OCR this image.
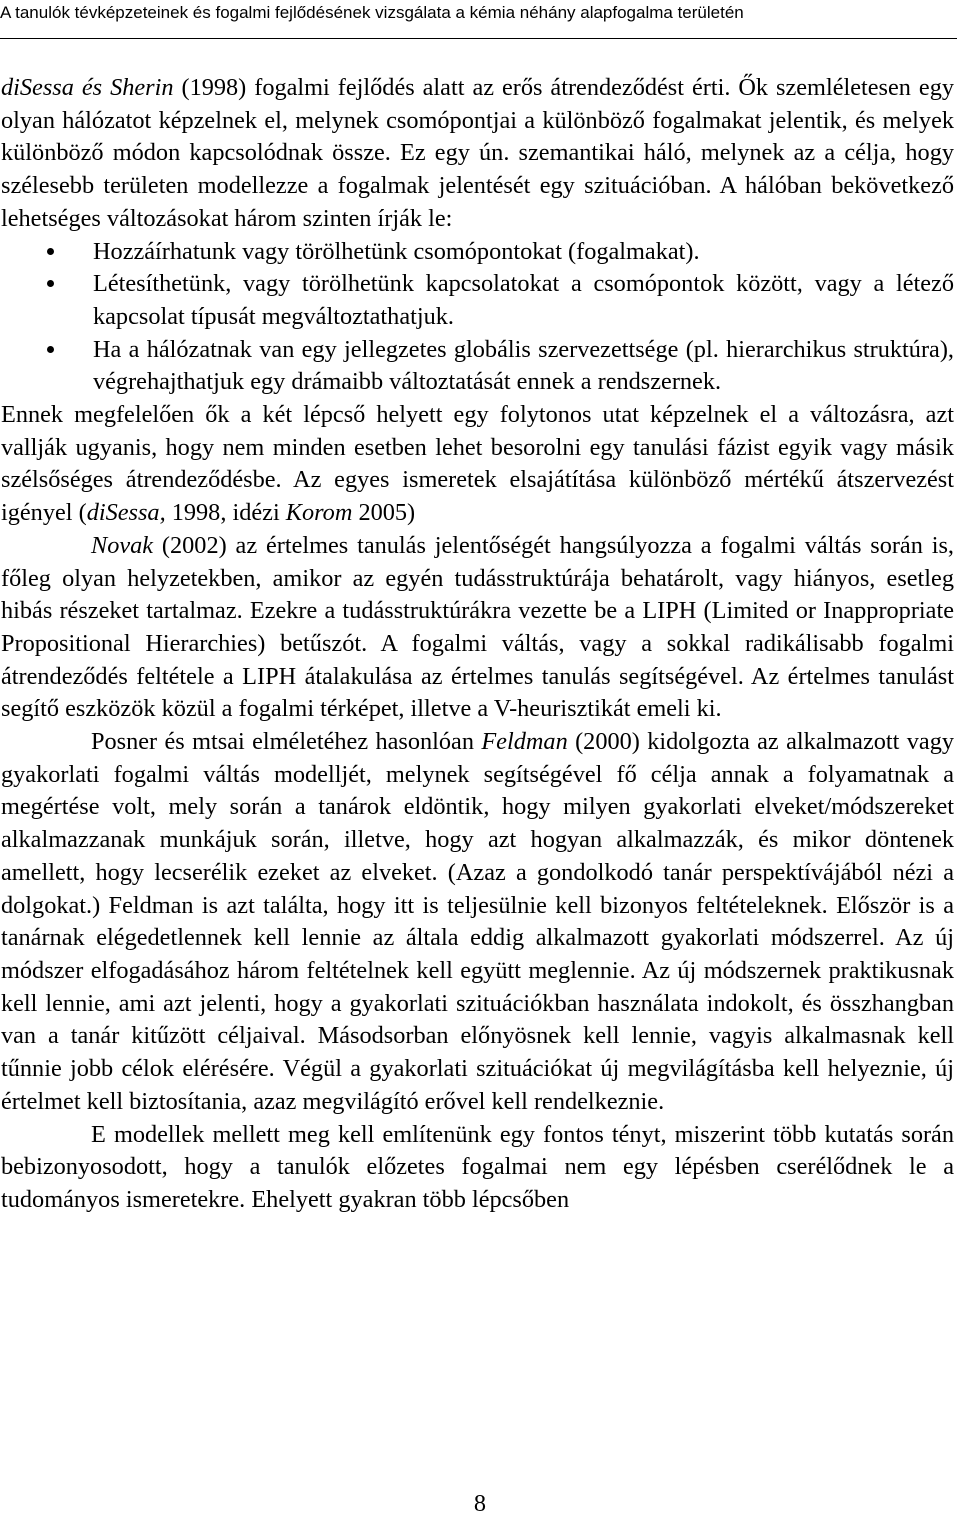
A tanulók tévképzeteinek és fogalmi fejlődésének vizsgálata a kémia néhány alapfogalma területén

diSessa és Sherin (1998) fogalmi fejlődés alatt az erős átrendeződést érti. Ők szemléletesen egy olyan hálózatot képzelnek el, melynek csomópontjai a különböző fogalmakat jelentik, és melyek különböző módon kapcsolódnak össze. Ez egy ún. szemantikai háló, melynek az a célja, hogy szélesebb területen modellezze a fogalmak jelentését egy szituációban. A hálóban bekövetkező lehetséges változásokat három szinten írják le:

Hozzáírhatunk vagy törölhetünk csomópontokat (fogalmakat).
Létesíthetünk, vagy törölhetünk kapcsolatokat a csomópontok között, vagy a létező kapcsolat típusát megváltoztathatjuk.
Ha a hálózatnak van egy jellegzetes globális szervezettsége (pl. hierarchikus struktúra), végrehajthatjuk egy drámaibb változtatását ennek a rendszernek.

Ennek megfelelően ők a két lépcső helyett egy folytonos utat képzelnek el a változásra, azt vallják ugyanis, hogy nem minden esetben lehet besorolni egy tanulási fázist egyik vagy másik szélsőséges átrendeződésbe. Az egyes ismeretek elsajátítása különböző mértékű átszervezést igényel (diSessa, 1998, idézi Korom 2005)

Novak (2002) az értelmes tanulás jelentőségét hangsúlyozza a fogalmi váltás során is, főleg olyan helyzetekben, amikor az egyén tudásstruktúrája behatárolt, vagy hiányos, esetleg hibás részeket tartalmaz. Ezekre a tudásstruktúrákra vezette be a LIPH (Limited or Inappropriate Propositional Hierarchies) betűszót. A fogalmi váltás, vagy a sokkal radikálisabb fogalmi átrendeződés feltétele a LIPH átalakulása az értelmes tanulás segítségével. Az értelmes tanulást segítő eszközök közül a fogalmi térképet, illetve a V-heurisztikát emeli ki.

Posner és mtsai elméletéhez hasonlóan Feldman (2000) kidolgozta az alkalmazott vagy gyakorlati fogalmi váltás modelljét, melynek segítségével fő célja annak a folyamatnak a megértése volt, mely során a tanárok eldöntik, hogy milyen gyakorlati elveket/módszereket alkalmazzanak munkájuk során, illetve, hogy azt hogyan alkalmazzák, és mikor döntenek amellett, hogy lecserélik ezeket az elveket. (Azaz a gondolkodó tanár perspektívájából nézi a dolgokat.) Feldman is azt találta, hogy itt is teljesülnie kell bizonyos feltételeknek. Először is a tanárnak elégedetlennek kell lennie az általa eddig alkalmazott gyakorlati módszerrel. Az új módszer elfogadásához három feltételnek kell együtt meglennie. Az új módszernek praktikusnak kell lennie, ami azt jelenti, hogy a gyakorlati szituációkban használata indokolt, és összhangban van a tanár kitűzött céljaival. Másodsorban előnyösnek kell lennie, vagyis alkalmasnak kell tűnnie jobb célok elérésére. Végül a gyakorlati szituációkat új megvilágításba kell helyeznie, új értelmet kell biztosítania, azaz megvilágító erővel kell rendelkeznie.

E modellek mellett meg kell említenünk egy fontos tényt, miszerint több kutatás során bebizonyosodott, hogy a tanulók előzetes fogalmai nem egy lépésben cserélődnek le a tudományos ismeretekre. Ehelyett gyakran több lépcsőben

8
